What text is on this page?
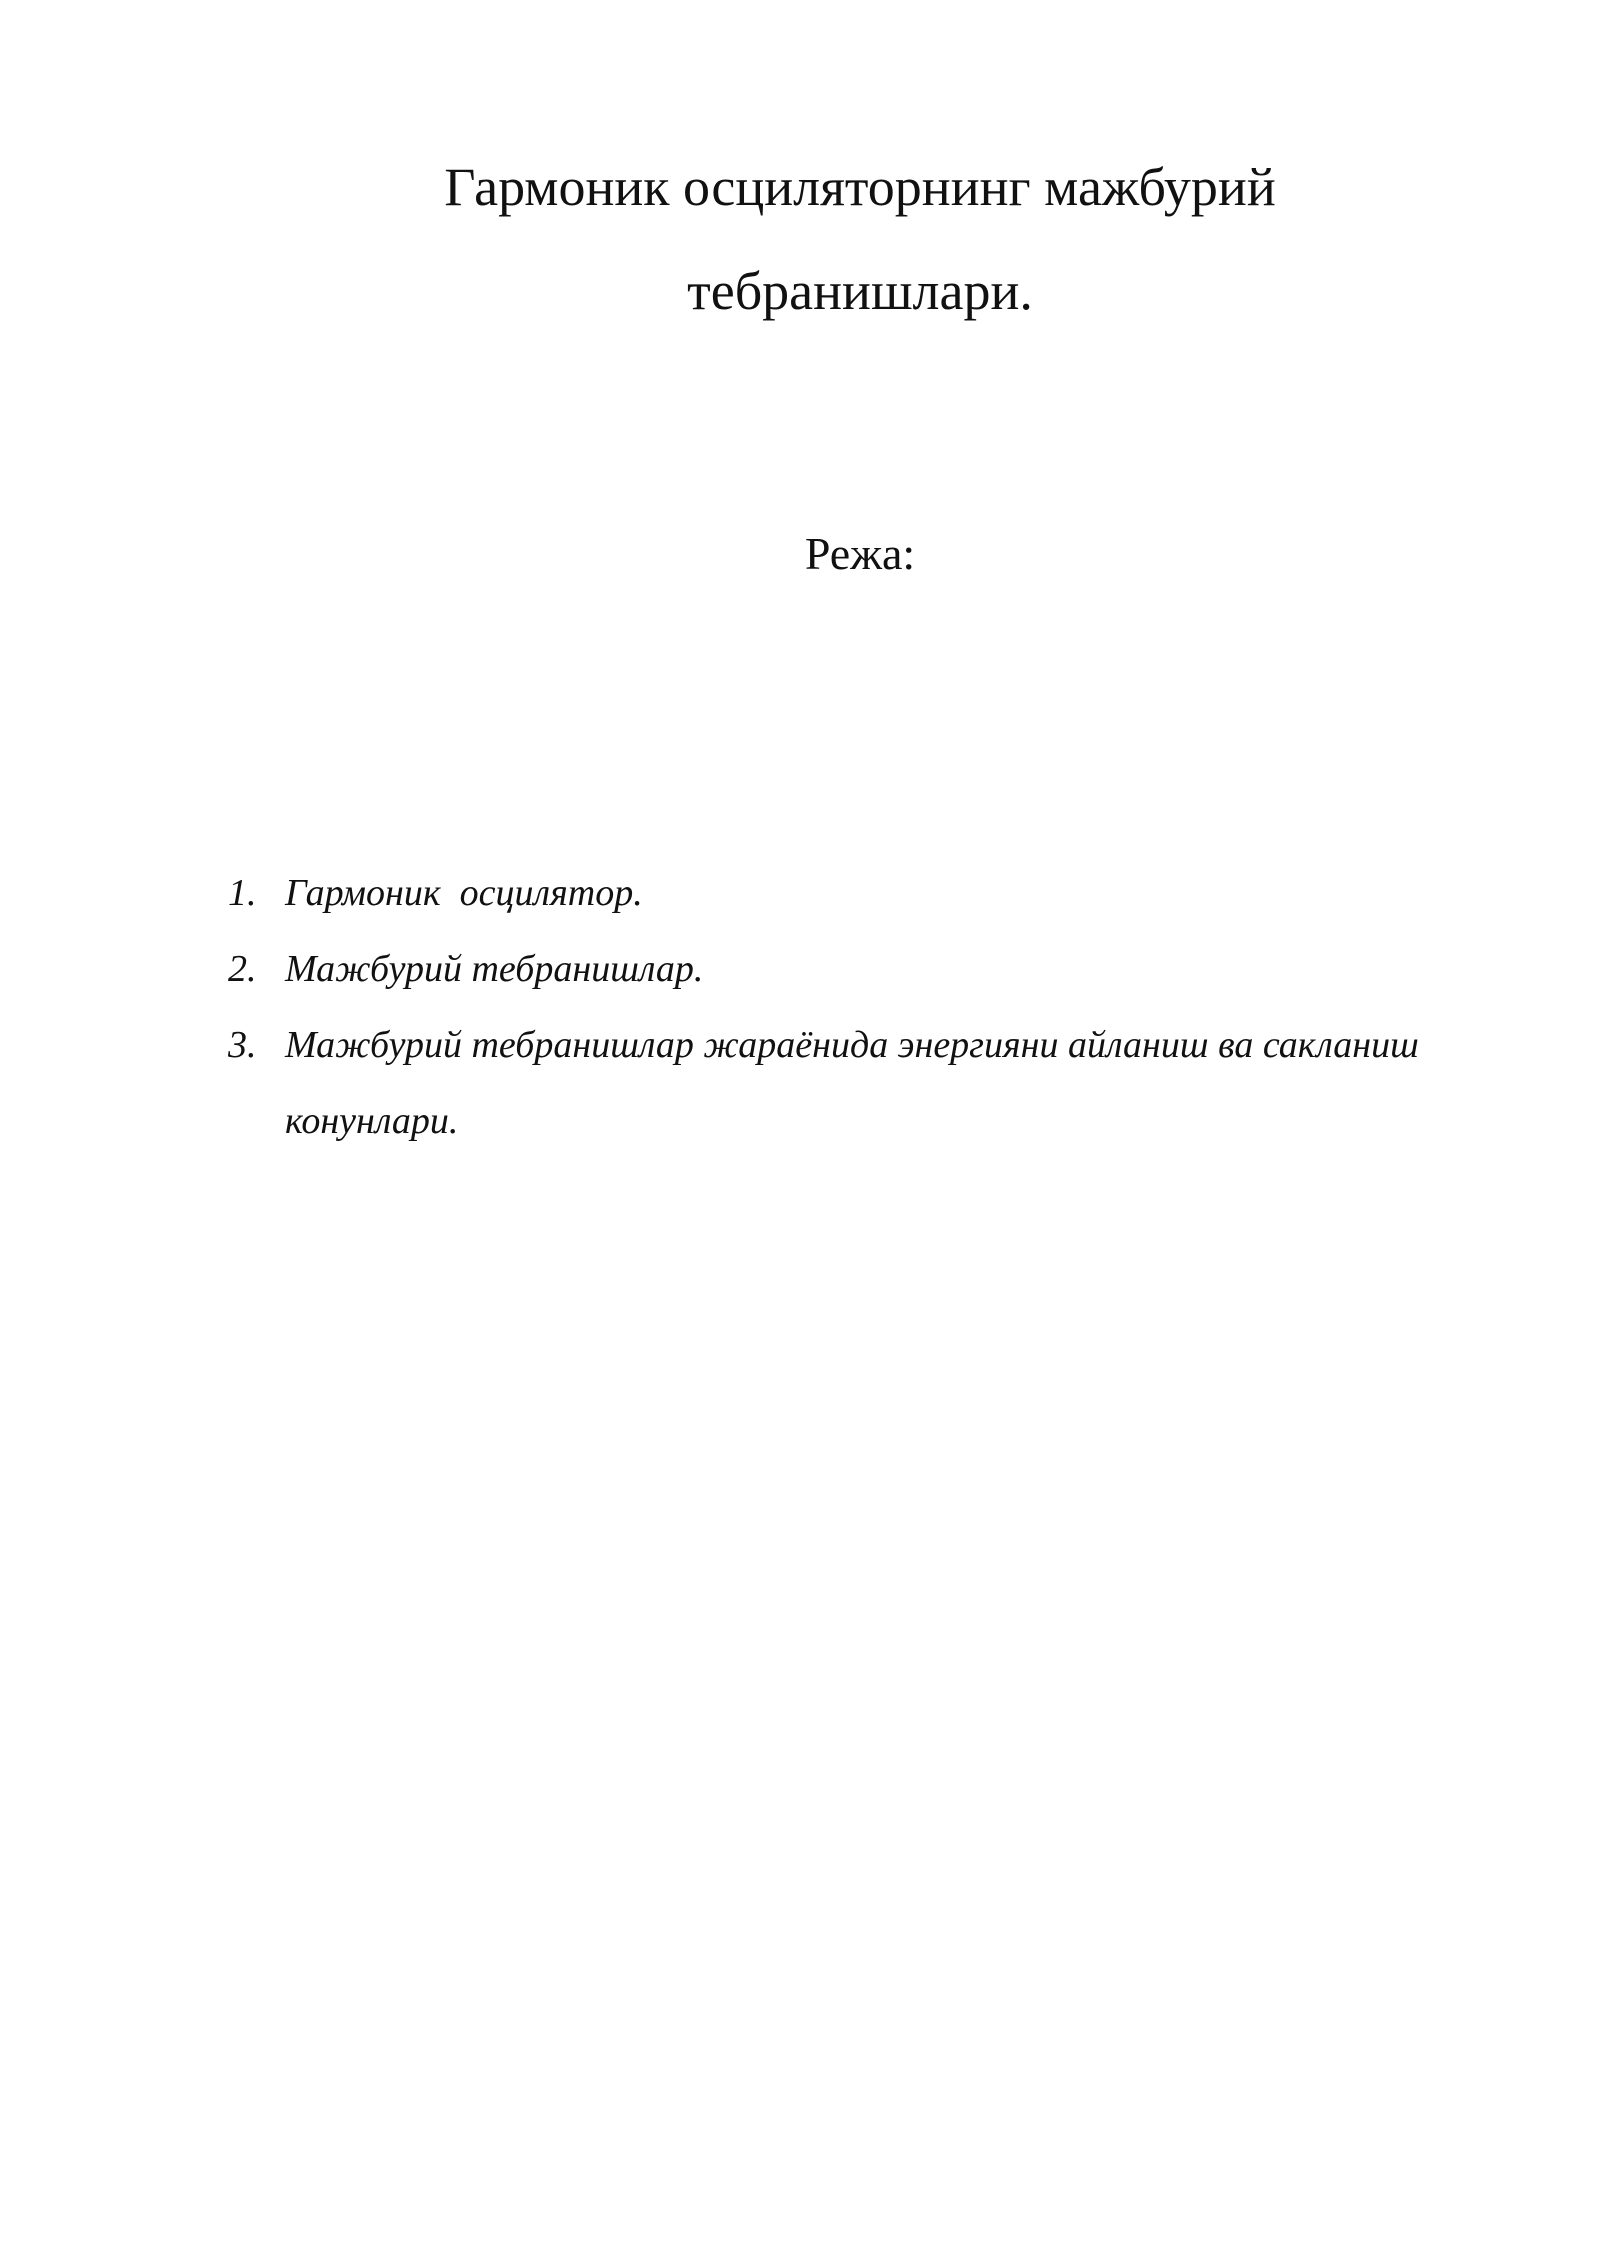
Гармоник осциляторнинг мажбурий
тебранишлари.
Режа:
1. Гармоник  осцилятор.
2. Мажбурий тебранишлар.
3. Мажбурий тебранишлар жараёнида энергияни айланиш ва сакланиш конунлари.
